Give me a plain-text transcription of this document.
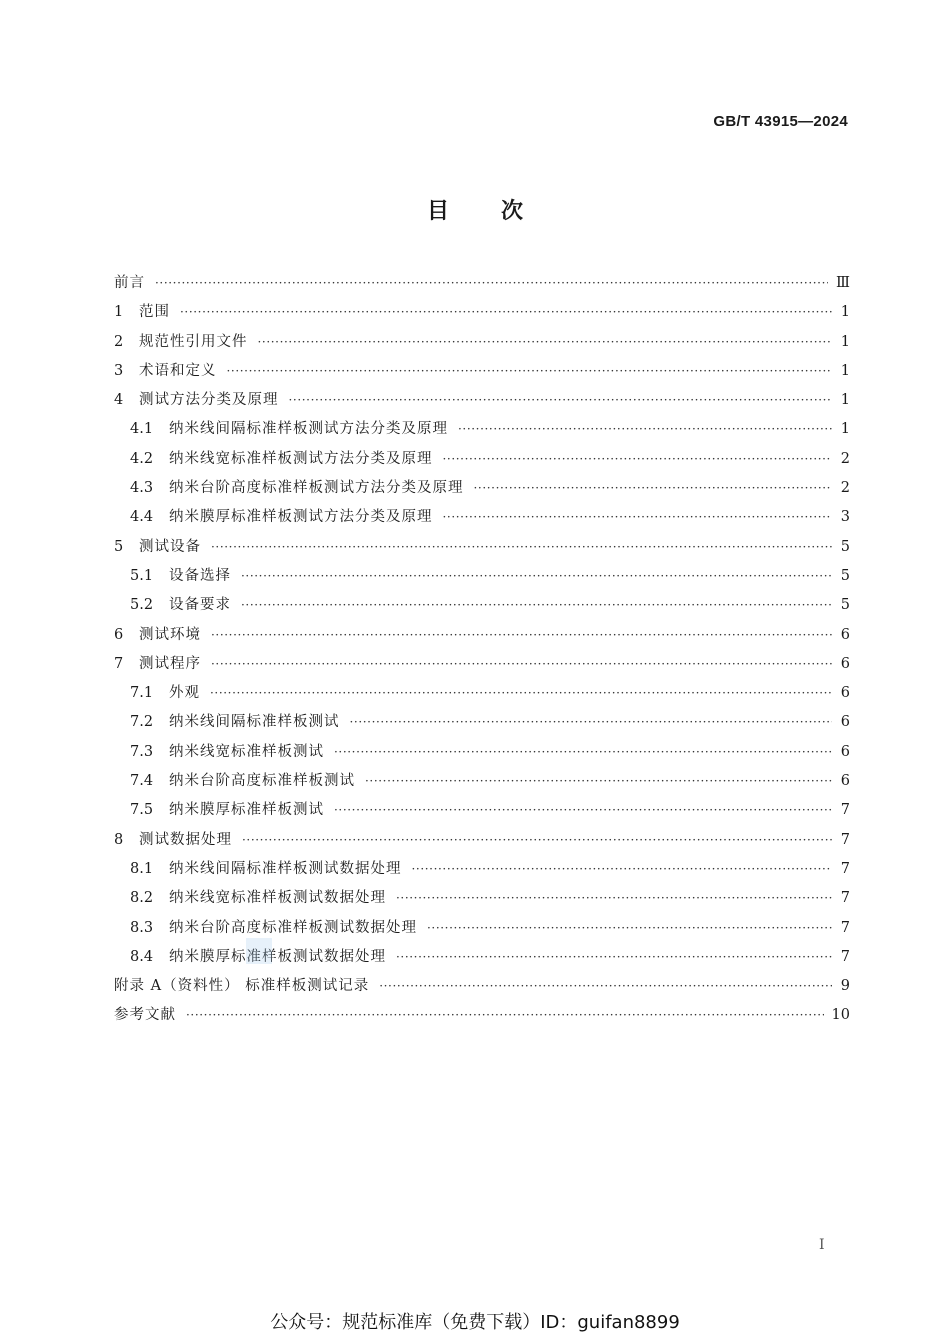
GB/T 43915—2024
目次
前言 ·····	Ⅲ
1	范围 ·····	1
2	规范性引用文件 ·····	1
3	术语和定义 ·····	1
4	测试方法分类及原理 ·····	1
4.1	纳米线间隔标准样板测试方法分类及原理 ·····	1
4.2	纳米线宽标准样板测试方法分类及原理 ·····	2
4.3	纳米台阶高度标准样板测试方法分类及原理 ·····	2
4.4	纳米膜厚标准样板测试方法分类及原理 ·····	3
5	测试设备 ·····	5
5.1	设备选择 ·····	5
5.2	设备要求 ·····	5
6	测试环境 ·····	6
7	测试程序 ·····	6
7.1	外观 ·····	6
7.2	纳米线间隔标准样板测试 ·····	6
7.3	纳米线宽标准样板测试 ·····	6
7.4	纳米台阶高度标准样板测试 ·····	6
7.5	纳米膜厚标准样板测试 ·····	7
8	测试数据处理 ·····	7
8.1	纳米线间隔标准样板测试数据处理 ·····	7
8.2	纳米线宽标准样板测试数据处理 ·····	7
8.3	纳米台阶高度标准样板测试数据处理 ·····	7
8.4	纳米膜厚标准样板测试数据处理 ·····	7
附录 A（资料性） 标准样板测试记录 ·····	9
参考文献 ·····	10
I
公众号：规范标准库（免费下载）ID：guifan8899
